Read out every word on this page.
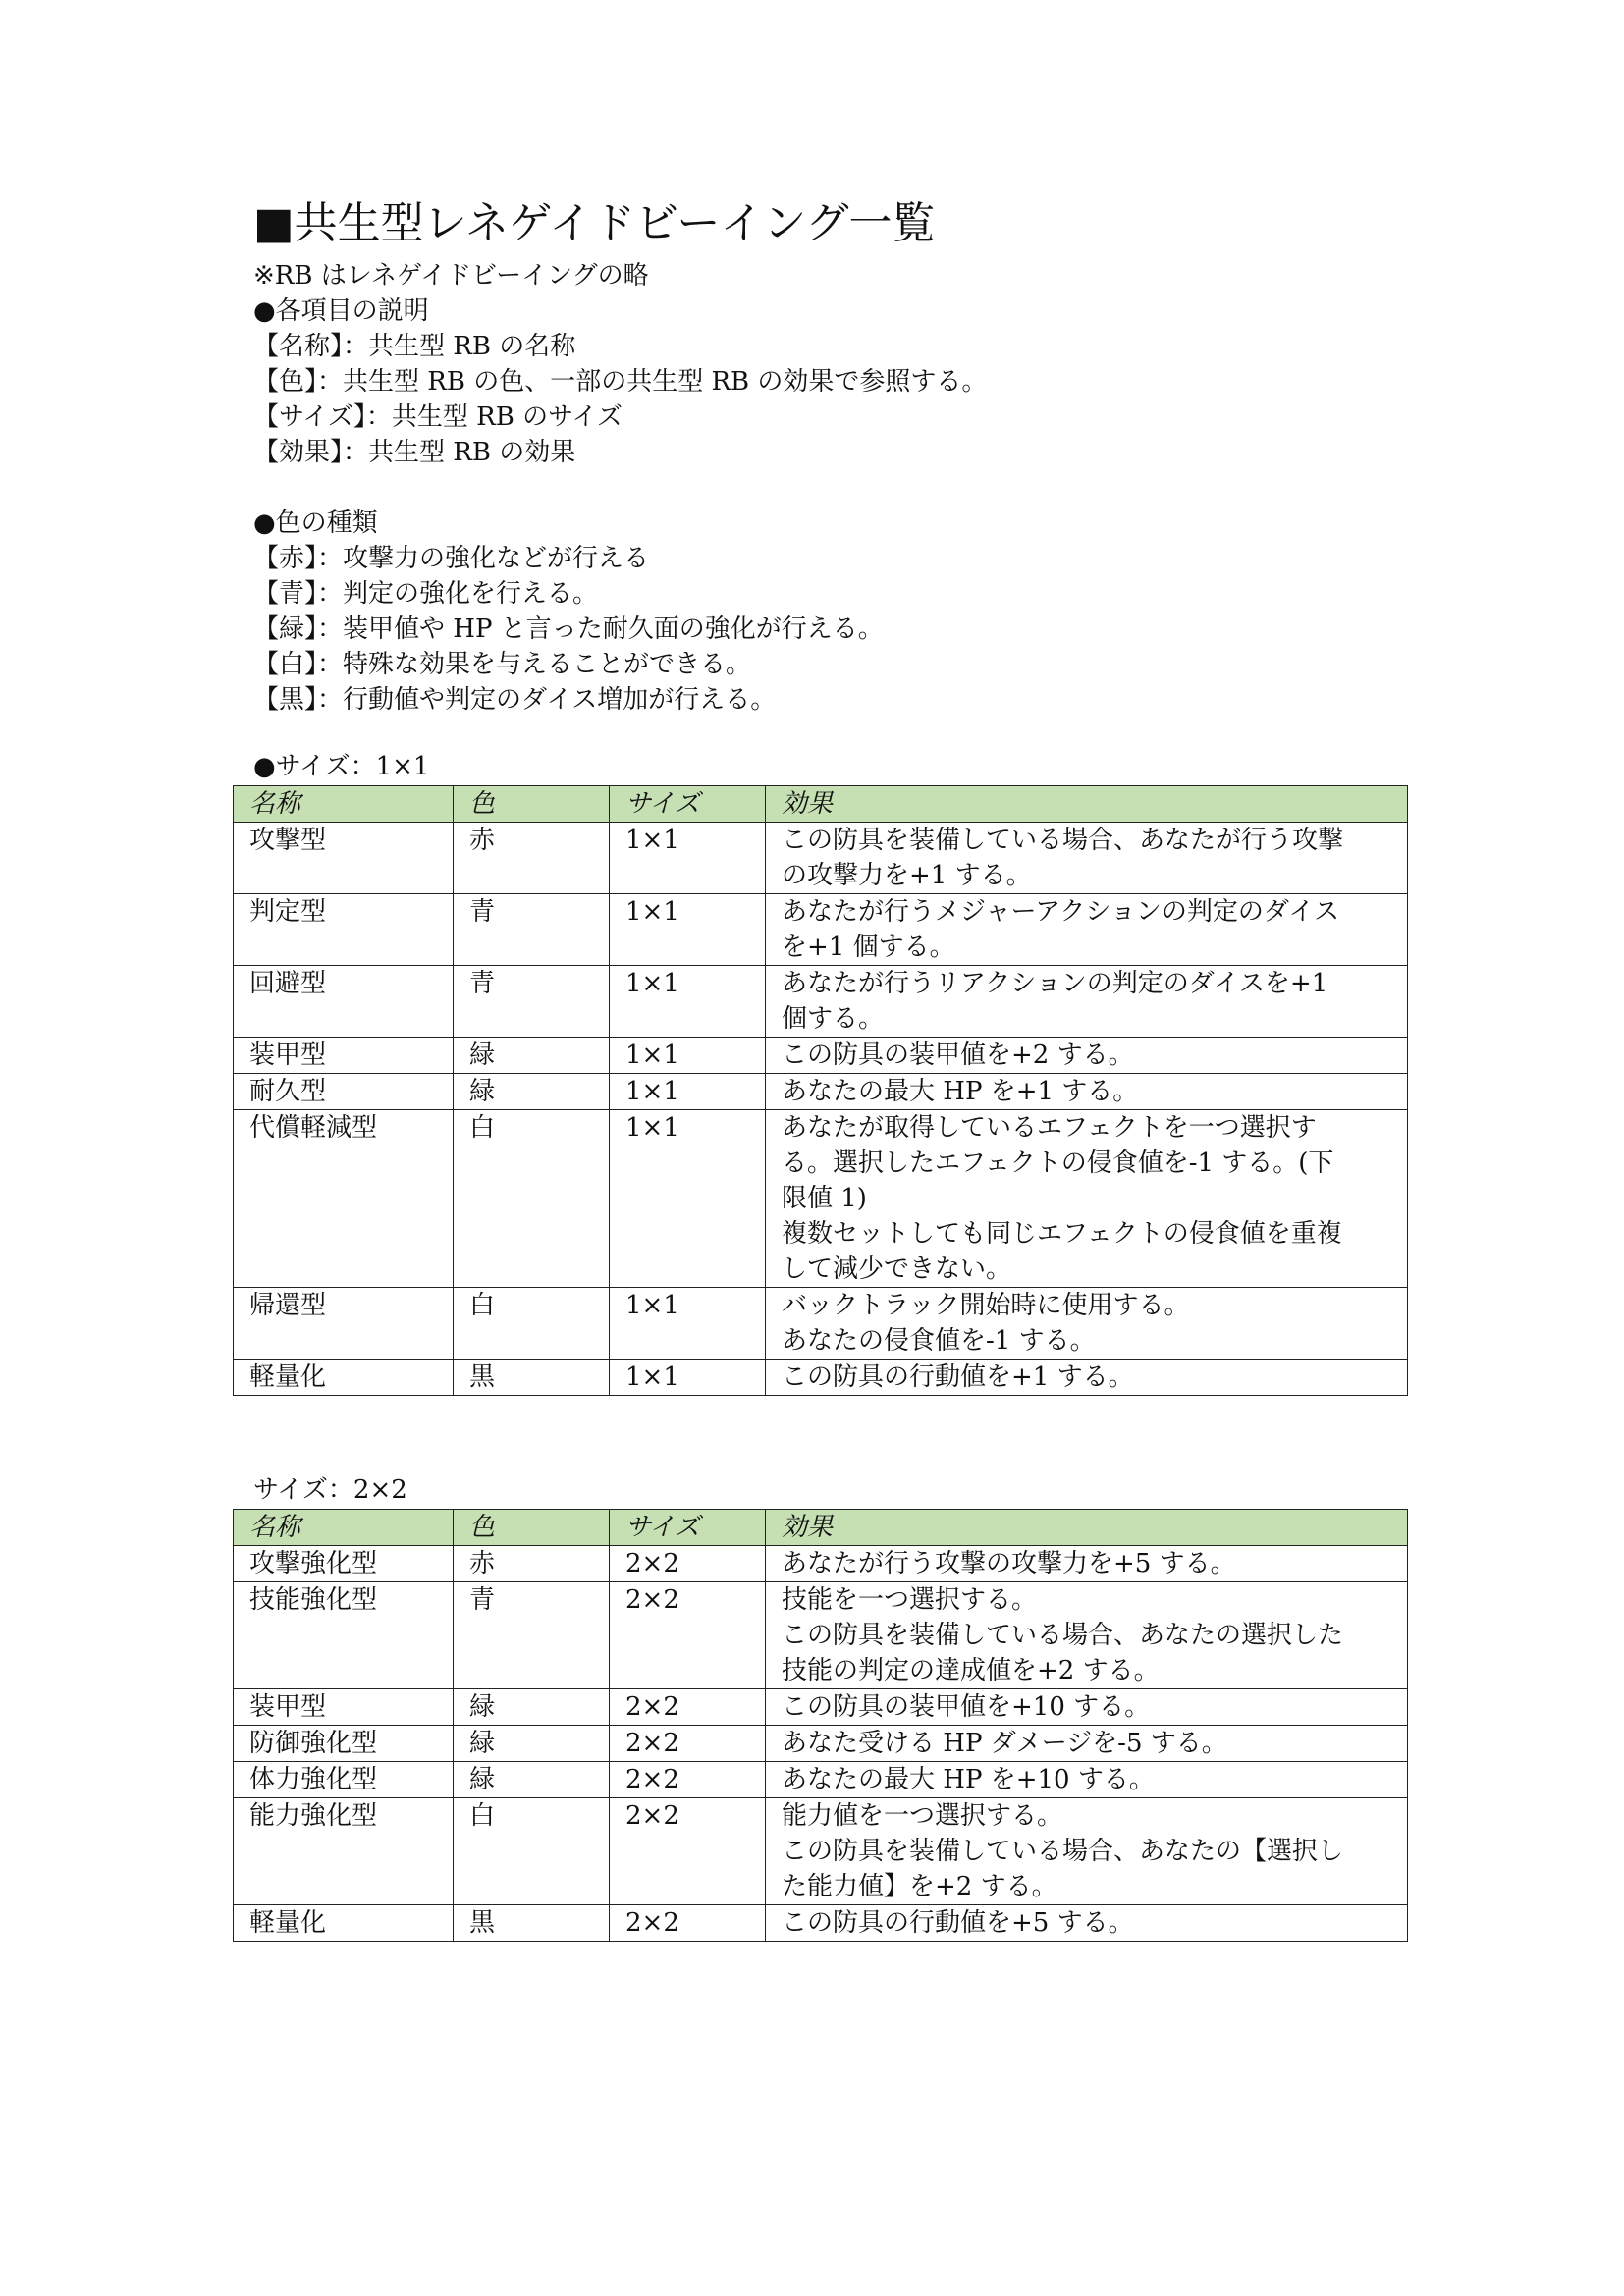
■共生型レネゲイドビーイング一覧
※RB はレネゲイドビーイングの略
●各項目の説明
【名称】：共生型 RB の名称
【色】：共生型 RB の色、一部の共生型 RB の効果で参照する。
【サイズ】：共生型 RB のサイズ
【効果】：共生型 RB の効果
●色の種類
【赤】：攻撃力の強化などが行える
【青】：判定の強化を行える。
【緑】：装甲値や HP と言った耐久面の強化が行える。
【白】：特殊な効果を与えることができる。
【黒】：行動値や判定のダイス増加が行える。
●サイズ：1×1
名称	色	サイズ	効果
攻撃型	赤	1×1	この防具を装備している場合、あなたが行う攻撃
の攻撃力を+1 する。

判定型	青	1×1	あなたが行うメジャーアクションの判定のダイス
を+1 個する。

回避型	青	1×1	あなたが行うリアクションの判定のダイスを+1
個する。

装甲型	緑	1×1	この防具の装甲値を+2 する。

耐久型	緑	1×1	あなたの最大 HP を+1 する。

代償軽減型	白	1×1	あなたが取得しているエフェクトを一つ選択す
る。選択したエフェクトの侵食値を-1 する。(下
限値 1)
複数セットしても同じエフェクトの侵食値を重複
して減少できない。

帰還型	白	1×1	バックトラック開始時に使用する。
あなたの侵食値を-1 する。

軽量化	黒	1×1	この防具の行動値を+1 する。
サイズ：2×2
名称	色	サイズ	効果
攻撃強化型	赤	2×2	あなたが行う攻撃の攻撃力を+5 する。

技能強化型	青	2×2	技能を一つ選択する。
この防具を装備している場合、あなたの選択した
技能の判定の達成値を+2 する。

装甲型	緑	2×2	この防具の装甲値を+10 する。

防御強化型	緑	2×2	あなた受ける HP ダメージを-5 する。

体力強化型	緑	2×2	あなたの最大 HP を+10 する。

能力強化型	白	2×2	能力値を一つ選択する。
この防具を装備している場合、あなたの【選択し
た能力値】を+2 する。

軽量化	黒	2×2	この防具の行動値を+5 する。
